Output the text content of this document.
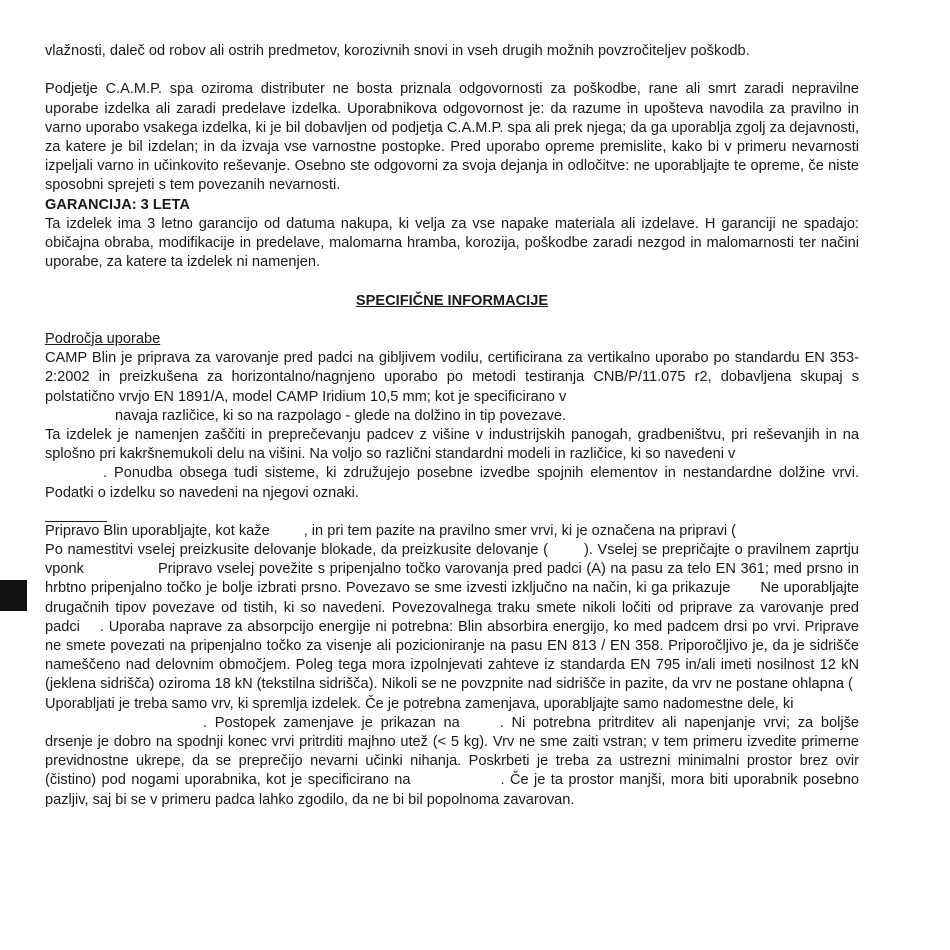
vlažnosti, daleč od robov ali ostrih predmetov, korozivnih snovi in vseh drugih možnih povzročiteljev poškodb.

Podjetje C.A.M.P. spa oziroma distributer ne bosta priznala odgovornosti za poškodbe, rane ali smrt zaradi nepravilne uporabe izdelka ali zaradi predelave izdelka. Uporabnikova odgovornost je: da razume in upošteva navodila za pravilno in varno uporabo vsakega izdelka, ki je bil dobavljen od podjetja C.A.M.P. spa ali prek njega; da ga uporablja zgolj za dejavnosti, za katere je bil izdelan; in da izvaja vse varnostne postopke. Pred uporabo opreme premislite, kako bi v primeru nevarnosti izpeljali varno in učinkovito reševanje. Osebno ste odgovorni za svoja dejanja in odločitve: ne uporabljajte te opreme, če niste sposobni sprejeti s tem povezanih nevarnosti.

GARANCIJA: 3 LETA

Ta izdelek ima 3 letno garancijo od datuma nakupa, ki velja za vse napake materiala ali izdelave. H garanciji ne spadajo: običajna obraba, modifikacije in predelave, malomarna hramba, korozija, poškodbe zaradi nezgod in malomarnosti ter načini uporabe, za katere ta izdelek ni namenjen.

SPECIFIČNE INFORMACIJE

Področja uporabe

CAMP Blin je priprava za varovanje pred padci na gibljivem vodilu, certificirana za vertikalno uporabo po standardu EN 353-2:2002 in preizkušena za horizontalno/nagnjeno uporabo po metodi testiranja CNB/P/11.075 r2, dobavljena skupaj s polstatično vrvjo EN 1891/A, model CAMP Iridium 10,5 mm; kot je specificirano v

navaja različice, ki so na razpolago - glede na dolžino in tip povezave.

Ta izdelek je namenjen zaščiti in preprečevanju padcev z višine v industrijskih panogah, gradbeništvu, pri reševanjih in na splošno pri kakršnemukoli delu na višini. Na voljo so različni standardni modeli in različice, ki so navedeni v

. Ponudba obsega tudi sisteme, ki združujejo posebne izvedbe spojnih elementov in nestandardne dolžine vrvi. Podatki o izdelku so navedeni na njegovi oznaki.

Pripravo Blin uporabljajte, kot kaže , in pri tem pazite na pravilno smer vrvi, ki je označena na pripravi (
Po namestitvi vselej preizkusite delovanje blokade, da preizkusite delovanje ( ). Vselej se prepričajte o pravilnem zaprtju vponk	Pripravo vselej povežite s pripenjalno točko varovanja pred padci (A) na pasu za telo EN 361; med prsno in hrbtno pripenjalno točko je bolje izbrati prsno. Povezavo se sme izvesti izključno na način, ki ga prikazuje Ne uporabljajte drugačnih tipov povezave od tistih, ki so navedeni. Povezovalnega traku smete nikoli ločiti od priprave za varovanje pred padci . Uporaba naprave za absorpcijo energije ni potrebna: Blin absorbira energijo, ko med padcem drsi po vrvi. Priprave ne smete povezati na pripenjalno točko za visenje ali pozicioniranje na pasu EN 813 / EN 358. Priporočljivo je, da je sidrišče nameščeno nad delovnim območjem. Poleg tega mora izpolnjevati zahteve iz standarda EN 795 in/ali imeti nosilnost 12 kN (jeklena sidrišča) oziroma 18 kN (tekstilna sidrišča). Nikoli se ne povzpnite nad sidrišče in pazite, da vrv ne postane ohlapna (

Uporabljati je treba samo vrv, ki spremlja izdelek. Če je potrebna zamenjava, uporabljajte samo nadomestne dele, ki
. Postopek zamenjave je prikazan na	. Ni potrebna pritrditev ali napenjanje vrvi; za boljše drsenje je dobro na spodnji konec vrvi pritrditi majhno utež (< 5 kg). Vrv ne sme zaiti vstran; v tem primeru izvedite primerne previdnostne ukrepe, da se preprečijo nevarni učinki nihanja. Poskrbeti je treba za ustrezni minimalni prostor brez ovir (čistino) pod nogami uporabnika, kot je specificirano na	. Če je ta prostor manjši, mora biti uporabnik posebno pazljiv, saj bi se v primeru padca lahko zgodilo, da ne bi bil popolnoma zavarovan.
